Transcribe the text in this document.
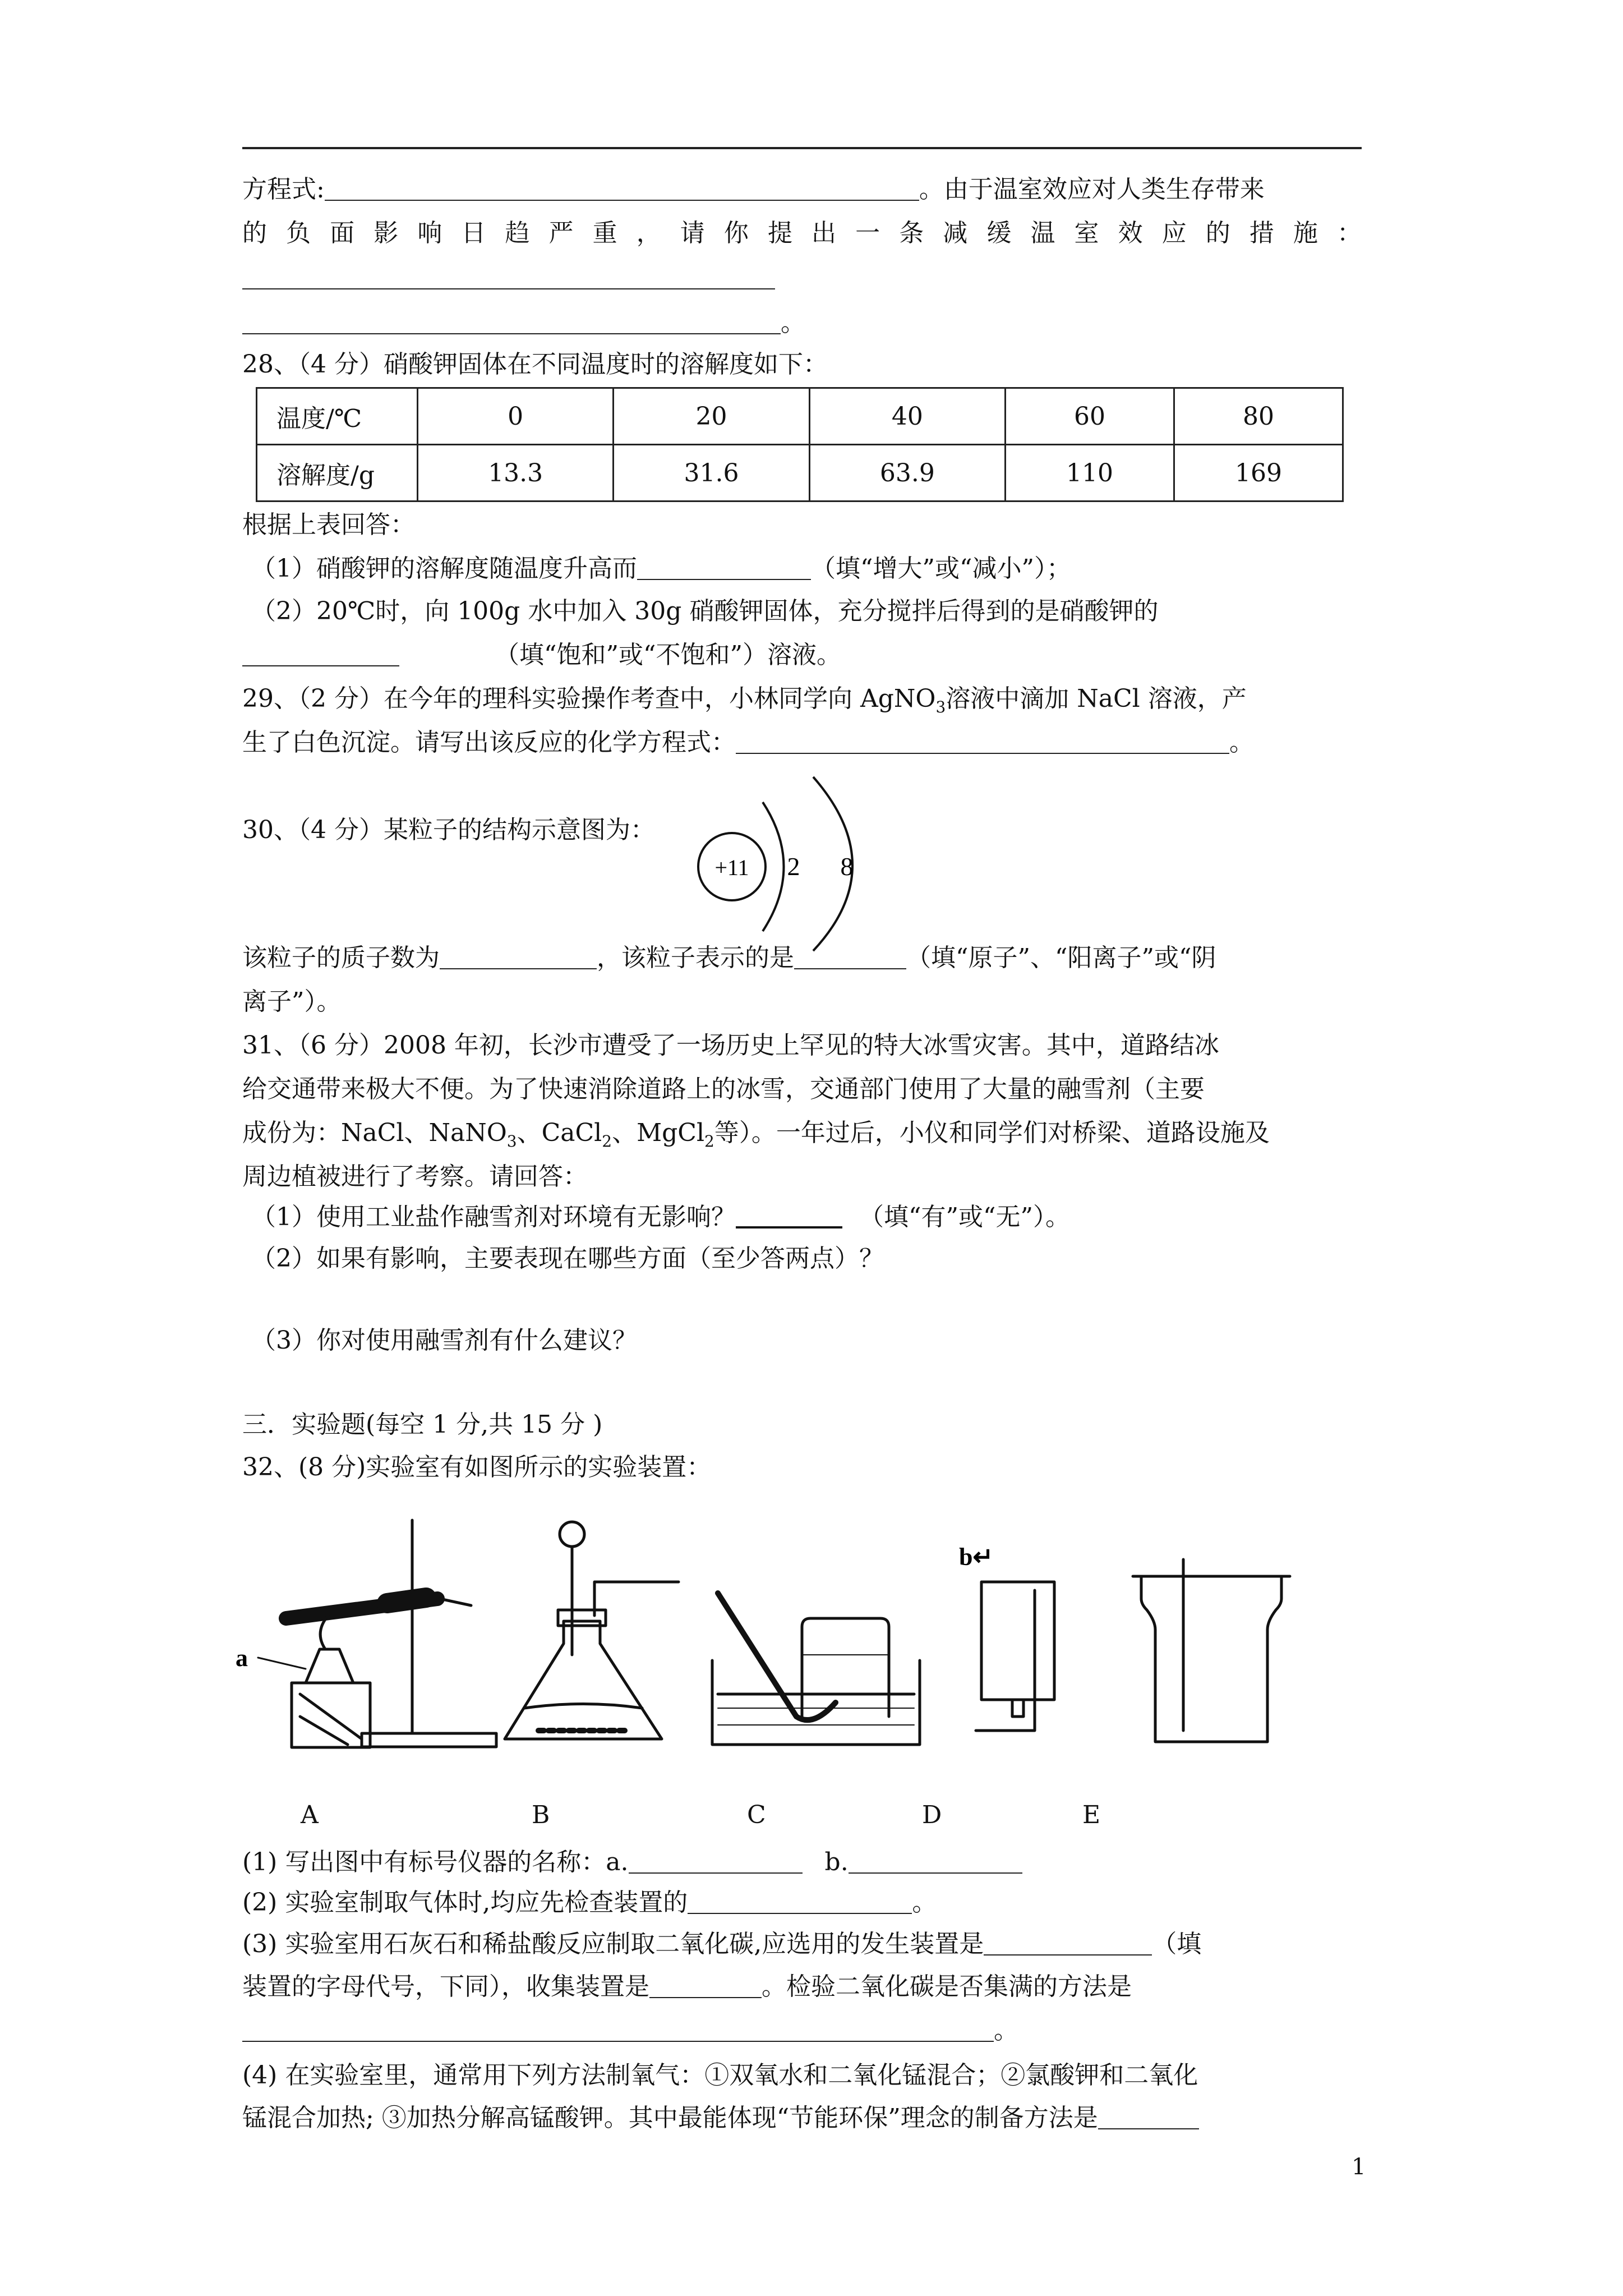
方程式:	。由于温室效应对人类生存带来
的负面影响日趋严重，请你提出一条减缓温室效应的措施：
。
28、（4 分）硝酸钾固体在不同温度时的溶解度如下：
温度/℃	0	20	40	60	80
溶解度/g	13.3	31.6	63.9	110	169
根据上表回答：
（1）硝酸钾的溶解度随温度升高而	（填“增大”或“减小”）；
（2）20℃时，向 100g 水中加入 30g 硝酸钾固体，充分搅拌后得到的是硝酸钾的
（填“饱和”或“不饱和”）溶液。
29、（2 分）在今年的理科实验操作考查中，小林同学向 AgNO$_3$溶液中滴加 NaCl 溶液，产
生了白色沉淀。请写出该反应的化学方程式：	。
30、（4 分）某粒子的结构示意图为：
+11 2 8
该粒子的质子数为	，该粒子表示的是	（填“原子”、“阳离子”或“阴
离子”）。
31、（6 分）2008 年初，长沙市遭受了一场历史上罕见的特大冰雪灾害。其中，道路结冰
给交通带来极大不便。为了快速消除道路上的冰雪，交通部门使用了大量的融雪剂（主要
成份为：NaCl、NaNO$_3$、CaCl$_2$、MgCl$_2$等）。一年过后，小仪和同学们对桥梁、道路设施及
周边植被进行了考察。请回答：
（1）使用工业盐作融雪剂对环境有无影响？	（填“有”或“无”）。
（2）如果有影响，主要表现在哪些方面（至少答两点）？
（3）你对使用融雪剂有什么建议？
三．实验题(每空 1 分,共 15 分 )
32、(8 分)实验室有如图所示的实验装置：
a
b↵
A	B	C	D	E
(1) 写出图中有标号仪器的名称：a.	b.
(2) 实验室制取气体时,均应先检查装置的	。
(3) 实验室用石灰石和稀盐酸反应制取二氧化碳,应选用的发生装置是	（填
装置的字母代号，下同），收集装置是	。检验二氧化碳是否集满的方法是
。
(4) 在实验室里，通常用下列方法制氧气：①双氧水和二氧化锰混合；②氯酸钾和二氧化
锰混合加热; ③加热分解高锰酸钾。其中最能体现“节能环保”理念的制备方法是
1
